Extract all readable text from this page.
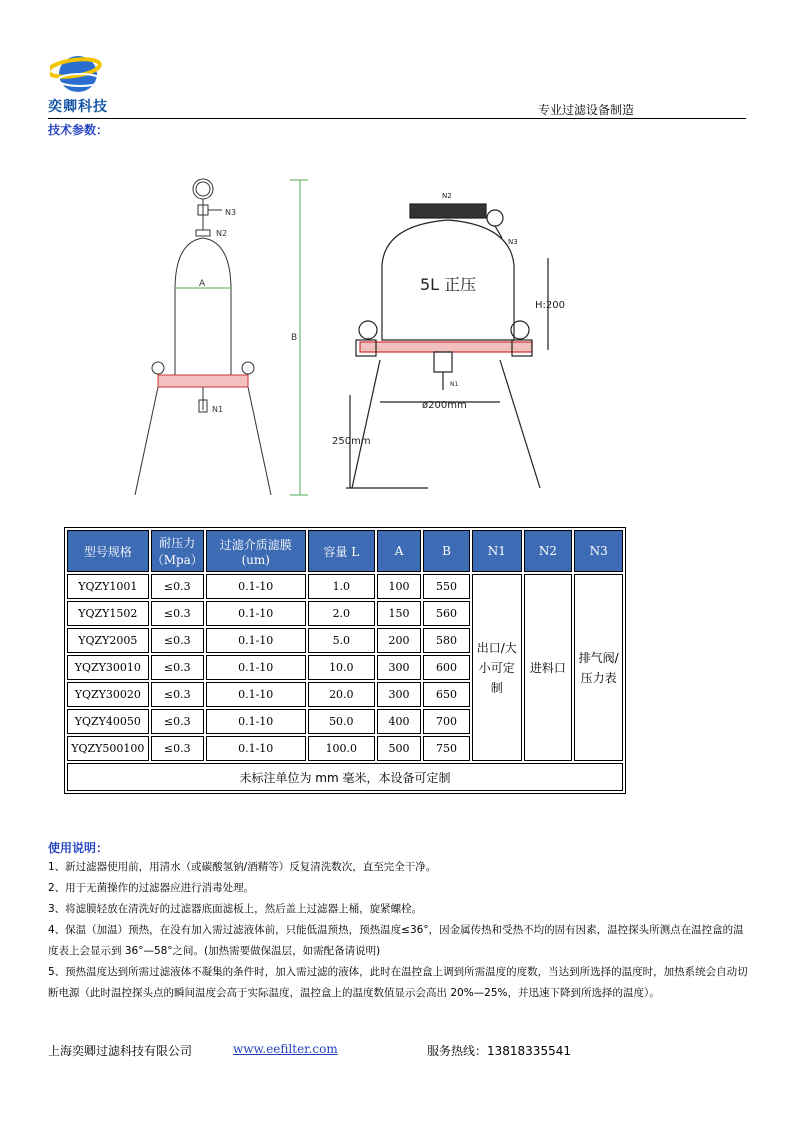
奕卿科技	专业过滤设备制造
技术参数：
N3
N2
N1
A
B
5L 正压
N2
N3
N1
H:200
ø200mm
250mm
型号规格	耐压力（Mpa）	过滤介质滤膜(um)	容量 L	A	B	N1	N2	N3
YQZY1001	≤0.3	0.1-10	1.0	100	550	出口/大小可定制	进料口	排气阀/压力表
YQZY1502	≤0.3	0.1-10	2.0	150	560			
YQZY2005	≤0.3	0.1-10	5.0	200	580			
YQZY30010	≤0.3	0.1-10	10.0	300	600			
YQZY30020	≤0.3	0.1-10	20.0	300	650			
YQZY40050	≤0.3	0.1-10	50.0	400	700			
YQZY500100	≤0.3	0.1-10	100.0	500	750			
未标注单位为 mm 毫米，本设备可定制								
使用说明：
1、新过滤器使用前，用清水（或碳酸氢钠/酒精等）反复清洗数次，直至完全干净。
2、用于无菌操作的过滤器应进行消毒处理。
3、将滤膜轻放在清洗好的过滤器底面滤板上，然后盖上过滤器上桶，旋紧螺栓。
4、保温（加温）预热，在没有加入需过滤液体前，只能低温预热，预热温度≤36°，因金属传热和受热不均的固有因素，温控探头所测点在温控盒的温度表上会显示到 36°—58°之间。(加热需要做保温层，如需配备请说明)
5、预热温度达到所需过滤液体不凝集的条件时，加入需过滤的液体，此时在温控盒上调到所需温度的度数，当达到所选择的温度时，加热系统会自动切断电源（此时温控探头点的瞬间温度会高于实际温度，温控盒上的温度数值显示会高出 20%—25%，并迅速下降到所选择的温度）。
上海奕卿过滤科技有限公司	www.eefilter.com	服务热线：13818335541
